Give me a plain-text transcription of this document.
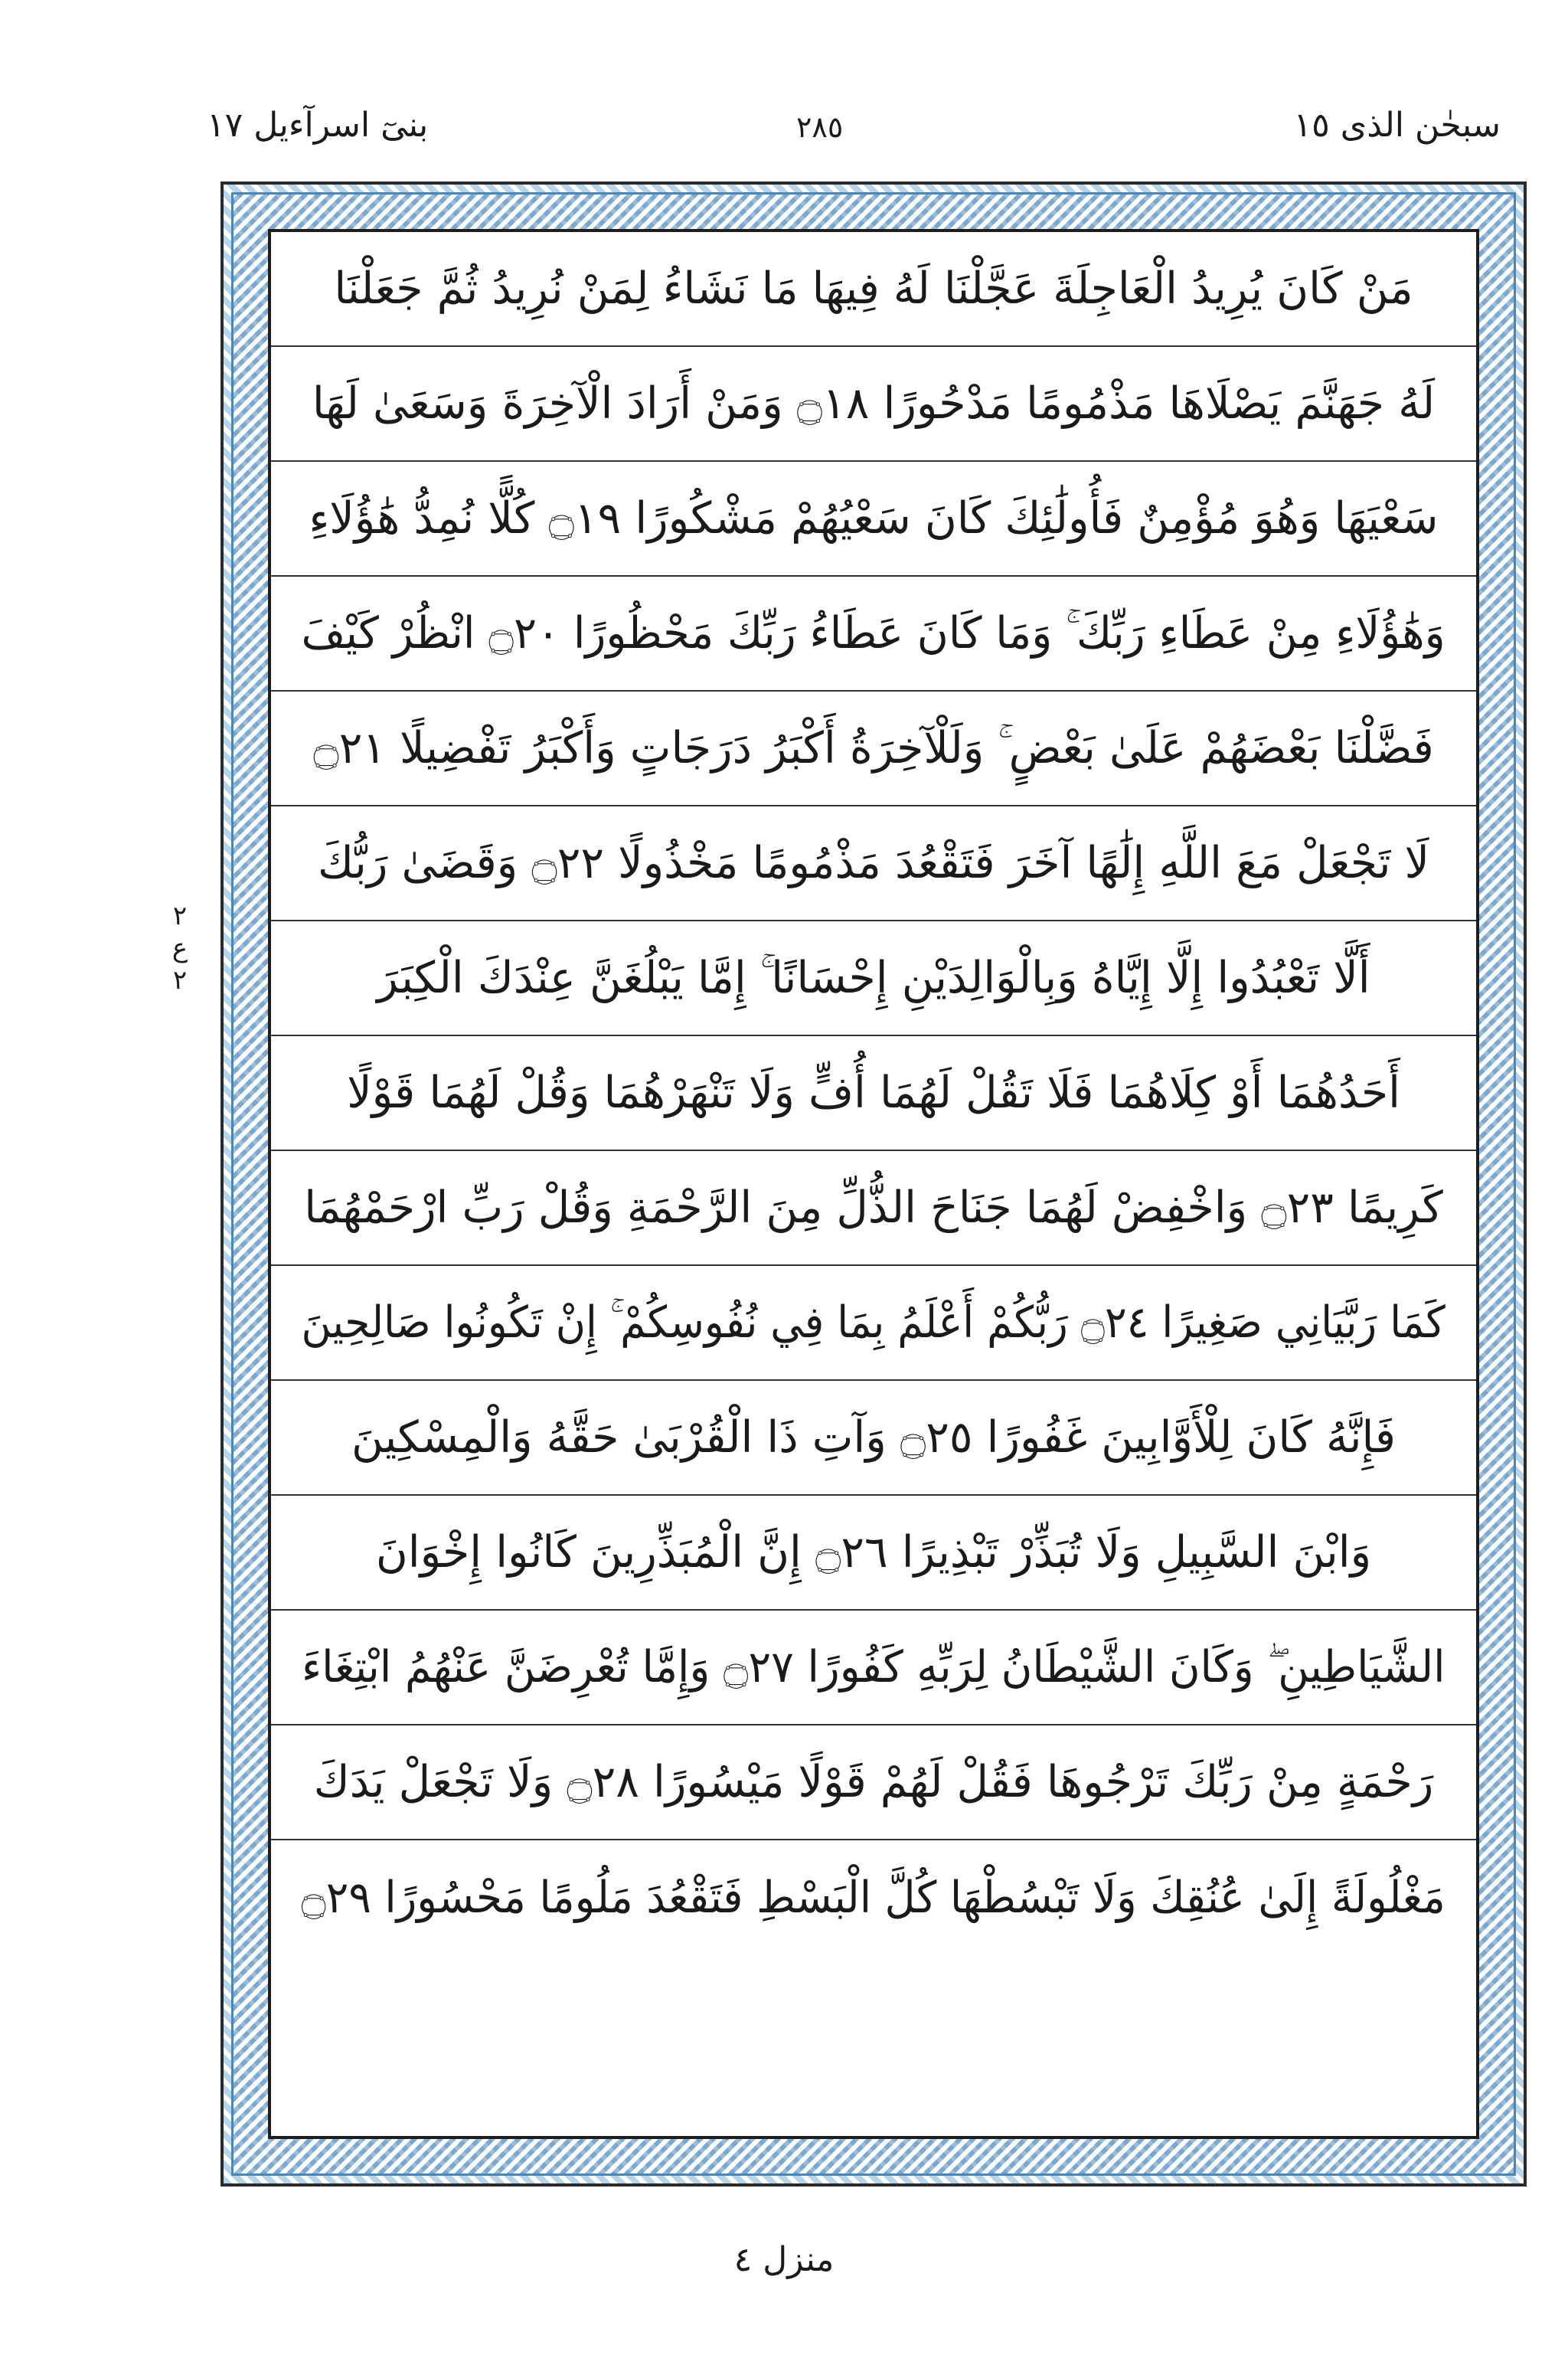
سبحٰن الذی ١٥
٢٨٥
بنیٓ اسرآءیل ١٧
٢
ع
٢
مَنْ كَانَ يُرِيدُ الْعَاجِلَةَ عَجَّلْنَا لَهُ فِيهَا مَا نَشَاءُ لِمَنْ نُرِيدُ ثُمَّ جَعَلْنَا
لَهُ جَهَنَّمَ يَصْلَاهَا مَذْمُومًا مَدْحُورًا ۝١٨ وَمَنْ أَرَادَ الْآخِرَةَ وَسَعَىٰ لَهَا
سَعْيَهَا وَهُوَ مُؤْمِنٌ فَأُولَٰئِكَ كَانَ سَعْيُهُمْ مَشْكُورًا ۝١٩ كُلًّا نُمِدُّ هَٰؤُلَاءِ
وَهَٰؤُلَاءِ مِنْ عَطَاءِ رَبِّكَ ۚ وَمَا كَانَ عَطَاءُ رَبِّكَ مَحْظُورًا ۝٢٠ انْظُرْ كَيْفَ
فَضَّلْنَا بَعْضَهُمْ عَلَىٰ بَعْضٍ ۚ وَلَلْآخِرَةُ أَكْبَرُ دَرَجَاتٍ وَأَكْبَرُ تَفْضِيلًا ۝٢١
لَا تَجْعَلْ مَعَ اللَّهِ إِلَٰهًا آخَرَ فَتَقْعُدَ مَذْمُومًا مَخْذُولًا ۝٢٢ وَقَضَىٰ رَبُّكَ
أَلَّا تَعْبُدُوا إِلَّا إِيَّاهُ وَبِالْوَالِدَيْنِ إِحْسَانًا ۚ إِمَّا يَبْلُغَنَّ عِنْدَكَ الْكِبَرَ
أَحَدُهُمَا أَوْ كِلَاهُمَا فَلَا تَقُلْ لَهُمَا أُفٍّ وَلَا تَنْهَرْهُمَا وَقُلْ لَهُمَا قَوْلًا
كَرِيمًا ۝٢٣ وَاخْفِضْ لَهُمَا جَنَاحَ الذُّلِّ مِنَ الرَّحْمَةِ وَقُلْ رَبِّ ارْحَمْهُمَا
كَمَا رَبَّيَانِي صَغِيرًا ۝٢٤ رَبُّكُمْ أَعْلَمُ بِمَا فِي نُفُوسِكُمْ ۚ إِنْ تَكُونُوا صَالِحِينَ
فَإِنَّهُ كَانَ لِلْأَوَّابِينَ غَفُورًا ۝٢٥ وَآتِ ذَا الْقُرْبَىٰ حَقَّهُ وَالْمِسْكِينَ
وَابْنَ السَّبِيلِ وَلَا تُبَذِّرْ تَبْذِيرًا ۝٢٦ إِنَّ الْمُبَذِّرِينَ كَانُوا إِخْوَانَ
الشَّيَاطِينِ ۖ وَكَانَ الشَّيْطَانُ لِرَبِّهِ كَفُورًا ۝٢٧ وَإِمَّا تُعْرِضَنَّ عَنْهُمُ ابْتِغَاءَ
رَحْمَةٍ مِنْ رَبِّكَ تَرْجُوهَا فَقُلْ لَهُمْ قَوْلًا مَيْسُورًا ۝٢٨ وَلَا تَجْعَلْ يَدَكَ
مَغْلُولَةً إِلَىٰ عُنُقِكَ وَلَا تَبْسُطْهَا كُلَّ الْبَسْطِ فَتَقْعُدَ مَلُومًا مَحْسُورًا ۝٢٩
منزل ٤
